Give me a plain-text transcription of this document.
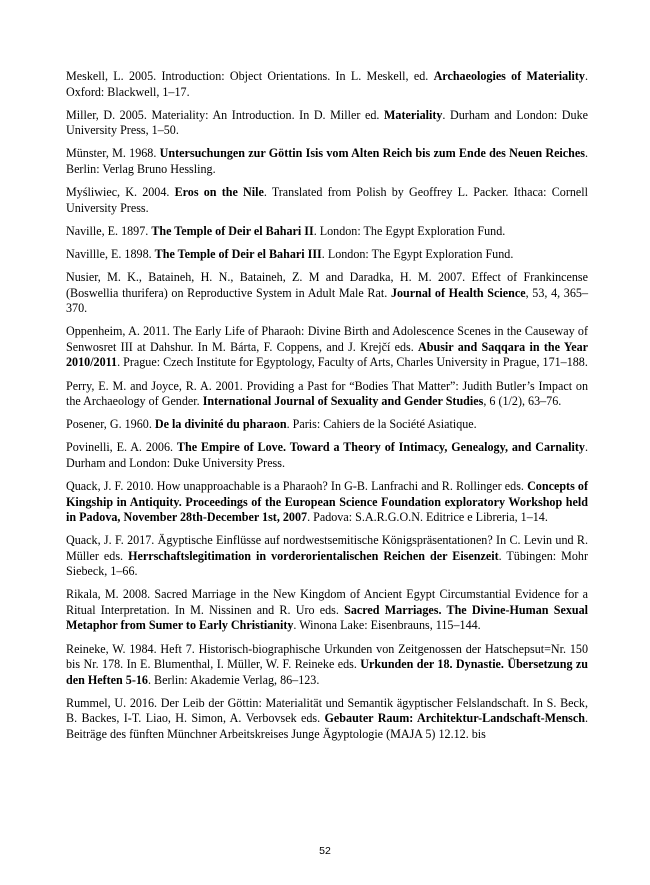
Meskell, L. 2005. Introduction: Object Orientations. In L. Meskell, ed. Archaeologies of Materiality. Oxford: Blackwell, 1–17.

Miller, D. 2005. Materiality: An Introduction. In D. Miller ed. Materiality. Durham and London: Duke University Press, 1–50.

Münster, M. 1968. Untersuchungen zur Göttin Isis vom Alten Reich bis zum Ende des Neuen Reiches. Berlin: Verlag Bruno Hessling.

Myśliwiec, K. 2004. Eros on the Nile. Translated from Polish by Geoffrey L. Packer. Ithaca: Cornell University Press.

Naville, E. 1897. The Temple of Deir el Bahari II. London: The Egypt Exploration Fund.

Navillle, E. 1898. The Temple of Deir el Bahari III. London: The Egypt Exploration Fund.

Nusier, M. K., Bataineh, H. N., Bataineh, Z. M and Daradka, H. M. 2007. Effect of Frankincense (Boswellia thurifera) on Reproductive System in Adult Male Rat. Journal of Health Science, 53, 4, 365–370.

Oppenheim, A. 2011. The Early Life of Pharaoh: Divine Birth and Adolescence Scenes in the Causeway of Senwosret III at Dahshur. In M. Bárta, F. Coppens, and J. Krejčí eds. Abusir and Saqqara in the Year 2010/2011. Prague: Czech Institute for Egyptology, Faculty of Arts, Charles University in Prague, 171–188.

Perry, E. M. and Joyce, R. A. 2001. Providing a Past for “Bodies That Matter”: Judith Butler’s Impact on the Archaeology of Gender. International Journal of Sexuality and Gender Studies, 6 (1/2), 63–76.

Posener, G. 1960. De la divinité du pharaon. Paris: Cahiers de la Société Asiatique.

Povinelli, E. A. 2006. The Empire of Love. Toward a Theory of Intimacy, Genealogy, and Carnality. Durham and London: Duke University Press.

Quack, J. F. 2010. How unapproachable is a Pharaoh? In G-B. Lanfrachi and R. Rollinger eds. Concepts of Kingship in Antiquity. Proceedings of the European Science Foundation exploratory Workshop held in Padova, November 28th-December 1st, 2007. Padova: S.A.R.G.O.N. Editrice e Libreria, 1–14.

Quack, J. F. 2017. Ägyptische Einflüsse auf nordwestsemitische Königspräsentationen? In C. Levin und R. Müller eds. Herrschaftslegitimation in vorderorientalischen Reichen der Eisenzeit. Tübingen: Mohr Siebeck, 1–66.

Rikala, M. 2008. Sacred Marriage in the New Kingdom of Ancient Egypt Circumstantial Evidence for a Ritual Interpretation. In M. Nissinen and R. Uro eds. Sacred Marriages. The Divine-Human Sexual Metaphor from Sumer to Early Christianity. Winona Lake: Eisenbrauns, 115–144.

Reineke, W. 1984. Heft 7. Historisch-biographische Urkunden von Zeitgenossen der Hatschepsut=Nr. 150 bis Nr. 178. In E. Blumenthal, I. Müller, W. F. Reineke eds. Urkunden der 18. Dynastie. Übersetzung zu den Heften 5-16. Berlin: Akademie Verlag, 86–123.

Rummel, U. 2016. Der Leib der Göttin: Materialität und Semantik ägyptischer Felslandschaft. In S. Beck, B. Backes, I-T. Liao, H. Simon, A. Verbovsek eds. Gebauter Raum: Architektur-Landschaft-Mensch. Beiträge des fünften Münchner Arbeitskreises Junge Ägyptologie (MAJA 5) 12.12. bis

52
